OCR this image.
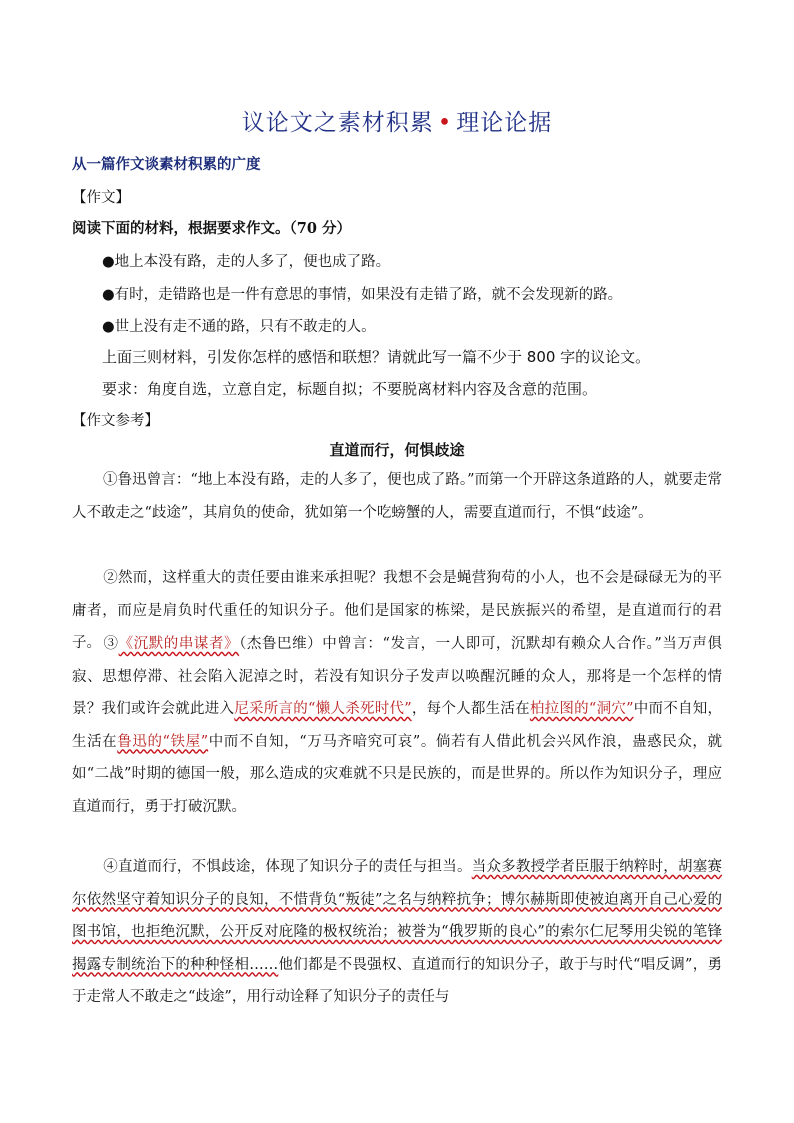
议论文之素材积累 • 理论论据
从一篇作文谈素材积累的广度
【作文】
阅读下面的材料，根据要求作文。（70 分）
●地上本没有路，走的人多了，便也成了路。
●有时，走错路也是一件有意思的事情，如果没有走错了路，就不会发现新的路。
●世上没有走不通的路，只有不敢走的人。
上面三则材料，引发你怎样的感悟和联想？请就此写一篇不少于 800 字的议论文。
要求：角度自选，立意自定，标题自拟；不要脱离材料内容及含意的范围。
【作文参考】
直道而行，何惧歧途
①鲁迅曾言：“地上本没有路，走的人多了，便也成了路。”而第一个开辟这条道路的人，就要走常人不敢走之“歧途”，其肩负的使命，犹如第一个吃螃蟹的人，需要直道而行，不惧“歧途”。
②然而，这样重大的责任要由谁来承担呢？我想不会是蝇营狗苟的小人，也不会是碌碌无为的平庸者，而应是肩负时代重任的知识分子。他们是国家的栋梁，是民族振兴的希望，是直道而行的君子。 ③《沉默的串谋者》（杰鲁巴维）中曾言：“发言，一人即可，沉默却有赖众人合作。”当万声俱寂、思想停滞、社会陷入泥淖之时，若没有知识分子发声以唤醒沉睡的众人，那将是一个怎样的情景？我们或许会就此进入尼采所言的“懒人杀死时代”，每个人都生活在柏拉图的“洞穴”中而不自知，生活在鲁迅的“铁屋”中而不自知，“万马齐喑究可哀”。倘若有人借此机会兴风作浪，蛊惑民众，就如“二战”时期的德国一般，那么造成的灾难就不只是民族的，而是世界的。所以作为知识分子，理应直道而行，勇于打破沉默。
④直道而行，不惧歧途，体现了知识分子的责任与担当。当众多教授学者臣服于纳粹时，胡塞赛尔依然坚守着知识分子的良知，不惜背负“叛徒”之名与纳粹抗争；博尔赫斯即使被迫离开自己心爱的图书馆，也拒绝沉默，公开反对庇隆的极权统治；被誉为“俄罗斯的良心”的索尔仁尼琴用尖锐的笔锋揭露专制统治下的种种怪相……他们都是不畏强权、直道而行的知识分子，敢于与时代“唱反调”，勇于走常人不敢走之“歧途”，用行动诠释了知识分子的责任与
